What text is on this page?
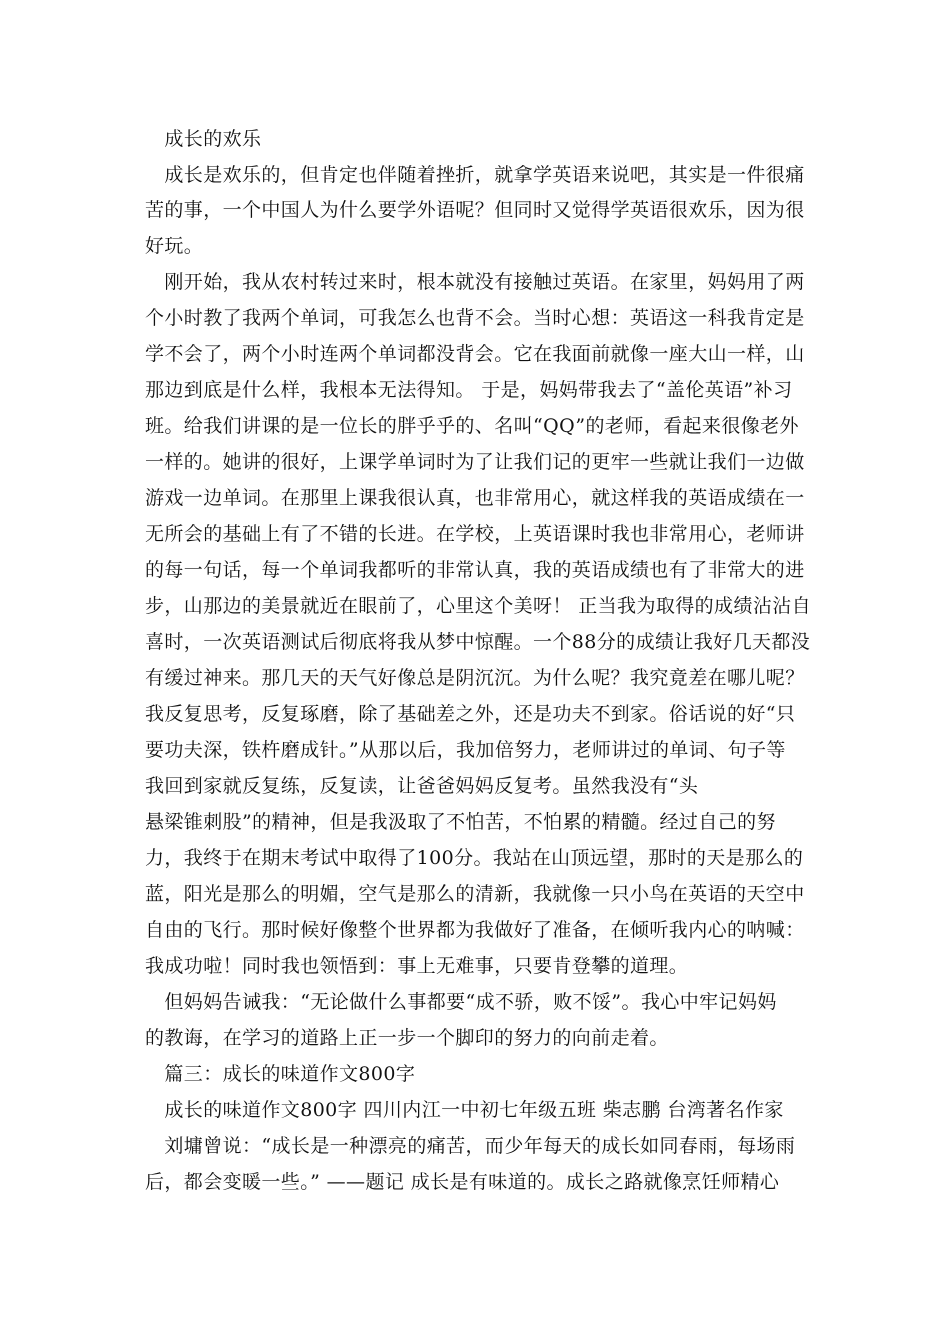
　成长的欢乐
　成长是欢乐的，但肯定也伴随着挫折，就拿学英语来说吧，其实是一件很痛
苦的事，一个中国人为什么要学外语呢？但同时又觉得学英语很欢乐，因为很
好玩。
　刚开始，我从农村转过来时，根本就没有接触过英语。在家里，妈妈用了两
个小时教了我两个单词，可我怎么也背不会。当时心想：英语这一科我肯定是
学不会了，两个小时连两个单词都没背会。它在我面前就像一座大山一样，山
那边到底是什么样，我根本无法得知。 于是，妈妈带我去了“盖伦英语”补习
班。给我们讲课的是一位长的胖乎乎的、名叫“QQ”的老师，看起来很像老外
一样的。她讲的很好，上课学单词时为了让我们记的更牢一些就让我们一边做
游戏一边单词。在那里上课我很认真，也非常用心，就这样我的英语成绩在一
无所会的基础上有了不错的长进。在学校，上英语课时我也非常用心，老师讲
的每一句话，每一个单词我都听的非常认真，我的英语成绩也有了非常大的进
步，山那边的美景就近在眼前了，心里这个美呀！ 正当我为取得的成绩沾沾自
喜时，一次英语测试后彻底将我从梦中惊醒。一个88分的成绩让我好几天都没
有缓过神来。那几天的天气好像总是阴沉沉。为什么呢？我究竟差在哪儿呢？
我反复思考，反复琢磨，除了基础差之外，还是功夫不到家。俗话说的好“只
要功夫深，铁杵磨成针。”从那以后，我加倍努力，老师讲过的单词、句子等
我回到家就反复练，反复读，让爸爸妈妈反复考。虽然我没有“头
悬梁锥刺股”的精神，但是我汲取了不怕苦，不怕累的精髓。经过自己的努
力，我终于在期末考试中取得了100分。我站在山顶远望，那时的天是那么的
蓝，阳光是那么的明媚，空气是那么的清新，我就像一只小鸟在英语的天空中
自由的飞行。那时候好像整个世界都为我做好了准备，在倾听我内心的呐喊：
我成功啦！同时我也领悟到：事上无难事，只要肯登攀的道理。
　但妈妈告诫我：“无论做什么事都要“成不骄，败不馁”。我心中牢记妈妈
的教诲，在学习的道路上正一步一个脚印的努力的向前走着。
　篇三：成长的味道作文800字
　成长的味道作文800字 四川内江一中初七年级五班 柴志鹏 台湾著名作家
　刘墉曾说：“成长是一种漂亮的痛苦，而少年每天的成长如同春雨，每场雨
后，都会变暖一些。” ——题记 成长是有味道的。成长之路就像烹饪师精心
